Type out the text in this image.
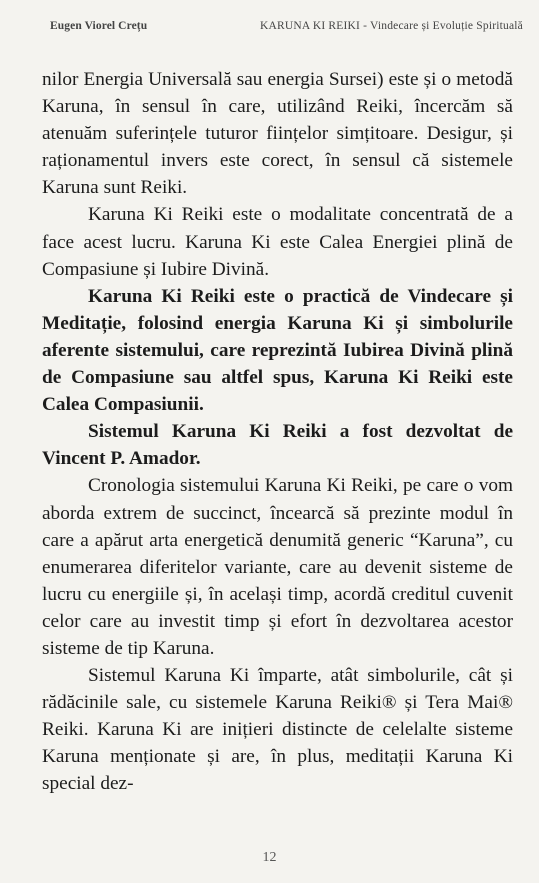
Eugen Viorel Crețu	KARUNA KI REIKI - Vindecare și Evoluție Spirituală

nilor Energia Universală sau energia Sursei) este și o metodă Karuna, în sensul în care, utilizând Reiki, încercăm să atenuăm suferințele tuturor ființelor simțitoare. Desigur, și raționamentul invers este corect, în sensul că sistemele Karuna sunt Reiki.

Karuna Ki Reiki este o modalitate concentrată de a face acest lucru. Karuna Ki este Calea Energiei plină de Compasiune și Iubire Divină.

Karuna Ki Reiki este o practică de Vindecare și Meditație, folosind energia Karuna Ki și simbolurile aferente sistemului, care reprezintă Iubirea Divină plină de Compasiune sau altfel spus, Karuna Ki Reiki este Calea Compasiunii.

Sistemul Karuna Ki Reiki a fost dezvoltat de Vincent P. Amador.

Cronologia sistemului Karuna Ki Reiki, pe care o vom aborda extrem de succinct, încearcă să prezinte modul în care a apărut arta energetică denumită generic “Karuna”, cu enumerarea diferitelor variante, care au devenit sisteme de lucru cu energiile și, în același timp, acordă creditul cuvenit celor care au investit timp și efort în dezvoltarea acestor sisteme de tip Karuna.

Sistemul Karuna Ki împarte, atât simbolurile, cât și rădăcinile sale, cu sistemele Karuna Reiki® și Tera Mai® Reiki. Karuna Ki are inițieri distincte de celelalte sisteme Karuna menționate și are, în plus, meditații Karuna Ki special dez-

12
